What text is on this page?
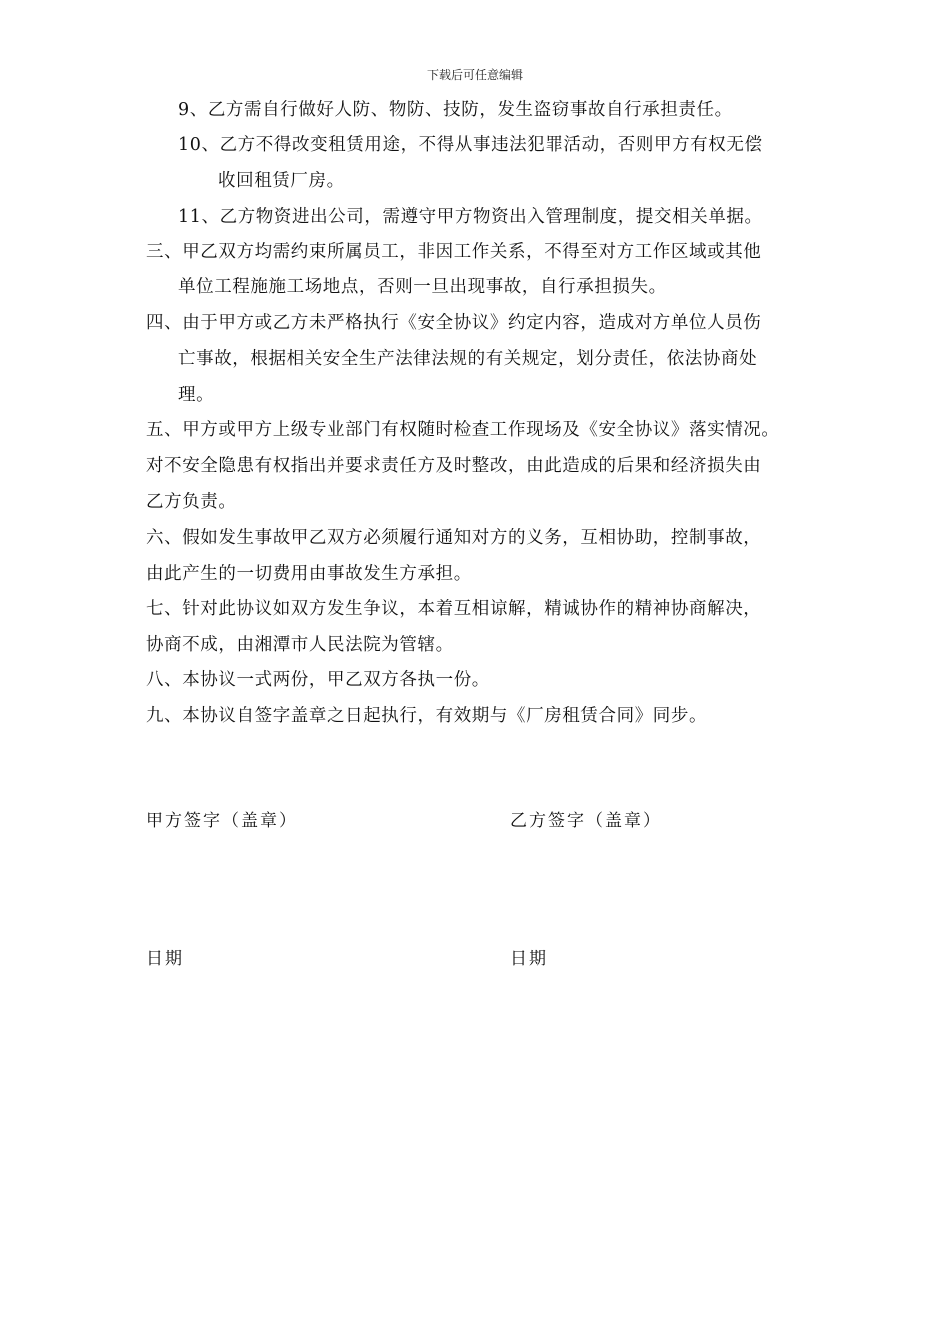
下载后可任意编辑
9、乙方需自行做好人防、物防、技防，发生盗窃事故自行承担责任。
10、乙方不得改变租赁用途，不得从事违法犯罪活动，否则甲方有权无偿
收回租赁厂房。
11、乙方物资进出公司，需遵守甲方物资出入管理制度，提交相关单据。
三、甲乙双方均需约束所属员工，非因工作关系，不得至对方工作区域或其他
单位工程施施工场地点，否则一旦出现事故，自行承担损失。
四、由于甲方或乙方未严格执行《安全协议》约定内容，造成对方单位人员伤
亡事故，根据相关安全生产法律法规的有关规定，划分责任，依法协商处
理。
五、甲方或甲方上级专业部门有权随时检查工作现场及《安全协议》落实情况。
对不安全隐患有权指出并要求责任方及时整改，由此造成的后果和经济损失由
乙方负责。
六、假如发生事故甲乙双方必须履行通知对方的义务，互相协助，控制事故，
由此产生的一切费用由事故发生方承担。
七、针对此协议如双方发生争议，本着互相谅解，精诚协作的精神协商解决，
协商不成，由湘潭市人民法院为管辖。
八、本协议一式两份，甲乙双方各执一份。
九、本协议自签字盖章之日起执行，有效期与《厂房租赁合同》同步。
甲方签字（盖章）	乙方签字（盖章）
日期	日期
